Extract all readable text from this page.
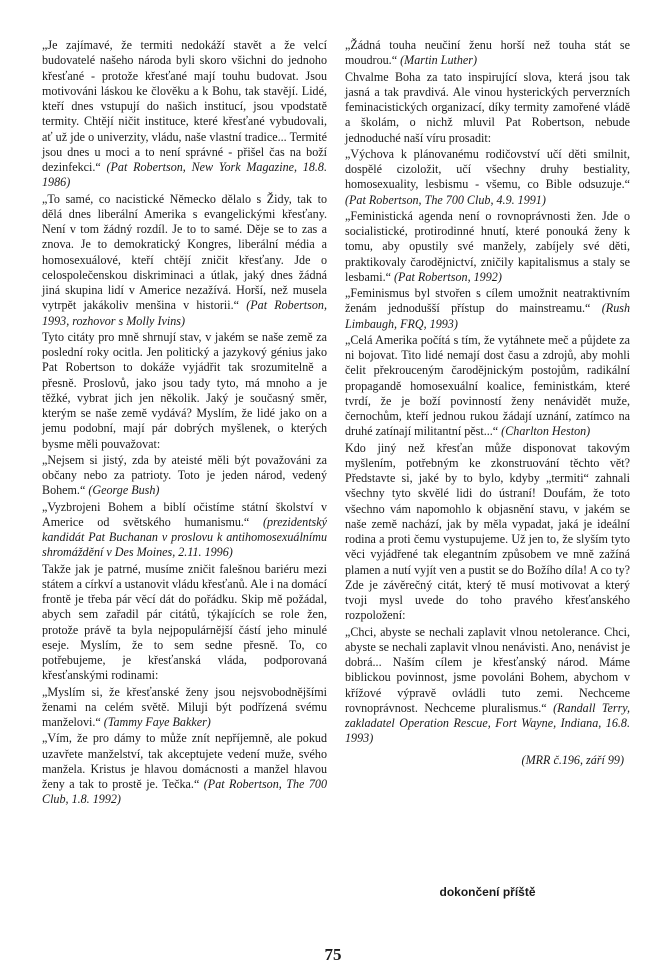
„Je zajímavé, že termiti nedokáží stavět a že velcí budovatelé našeho národa byli skoro všichni do jednoho křesťané - protože křesťané mají touhu budovat. Jsou motivováni láskou ke člověku a k Bohu, tak stavějí. Lidé, kteří dnes vstupují do našich institucí, jsou vpodstatě termity. Chtějí ničit instituce, které křesťané vybudovali, ať už jde o univerzity, vládu, naše vlastní tradice... Termité jsou dnes u moci a to není správné - přišel čas na boží dezinfekci.“ (Pat Robertson, New York Magazine, 18.8. 1986)

„To samé, co nacistické Německo dělalo s Židy, tak to dělá dnes liberální Amerika s evangelickými křesťany. Není v tom žádný rozdíl. Je to to samé. Děje se to zas a znova. Je to demokratický Kongres, liberální média a homosexuálové, kteří chtějí zničit křesťany. Jde o celospolečenskou diskriminaci a útlak, jaký dnes žádná jiná skupina lidí v Americe nezažívá. Horší, než musela vytrpět jakákoliv menšina v historii.“ (Pat Robertson, 1993, rozhovor s Molly Ivins)

Tyto citáty pro mně shrnují stav, v jakém se naše země za poslední roky ocitla. Jen politický a jazykový génius jako Pat Robertson to dokáže vyjádřit tak srozumitelně a přesně. Proslovů, jako jsou tady tyto, má mnoho a je těžké, vybrat jich jen několik. Jaký je současný směr, kterým se naše země vydává? Myslím, že lidé jako on a jemu podobní, mají pár dobrých myšlenek, o kterých bysme měli pouvažovat:

„Nejsem si jistý, zda by ateisté měli být považováni za občany nebo za patrioty. Toto je jeden národ, vedený Bohem.“ (George Bush)

„Vyzbrojeni Bohem a biblí očistíme státní školství v Americe od světského humanismu.“ (prezidentský kandidát Pat Buchanan v proslovu k antihomosexuálnímu shromáždění v Des Moines, 2.11. 1996)

Takže jak je patrné, musíme zničit falešnou bariéru mezi státem a církví a ustanovit vládu křesťanů. Ale i na domácí frontě je třeba pár věcí dát do pořádku. Skip mě požádal, abych sem zařadil pár citátů, týkajících se role žen, protože právě ta byla nejpopulárnější částí jeho minulé eseje. Myslím, že to sem sedne přesně. To, co potřebujeme, je křesťanská vláda, podporovaná křesťanskými rodinami:

„Myslím si, že křesťanské ženy jsou nejsvobodnějšími ženami na celém světě. Miluji být podřízená svému manželovi.“ (Tammy Faye Bakker)

„Vím, že pro dámy to může znít nepříjemně, ale pokud uzavřete manželství, tak akceptujete vedení muže, svého manžela. Kristus je hlavou domácnosti a manžel hlavou ženy a tak to prostě je. Tečka.“ (Pat Robertson, The 700 Club, 1.8. 1992)

„Žádná touha neučiní ženu horší než touha stát se moudrou.“ (Martin Luther)

Chvalme Boha za tato inspirující slova, která jsou tak jasná a tak pravdivá. Ale vinou hysterických perverzních feminacistických organizací, díky termity zamořené vládě a školám, o nichž mluvil Pat Robertson, nebude jednoduché naší víru prosadit:

„Výchova k plánovanému rodičovství učí děti smilnit, dospělé cizoložit, učí všechny druhy bestiality, homosexuality, lesbismu - všemu, co Bible odsuzuje.“ (Pat Robertson, The 700 Club, 4.9. 1991)

„Feministická agenda není o rovnoprávnosti žen. Jde o socialistické, protirodinné hnutí, které ponouká ženy k tomu, aby opustily své manžely, zabíjely své děti, praktikovaly čarodějnictví, zničily kapitalismus a staly se lesbami.“ (Pat Robertson, 1992)

„Feminismus byl stvořen s cílem umožnit neatraktivním ženám jednodušší přístup do mainstreamu.“ (Rush Limbaugh, FRQ, 1993)

„Celá Amerika počítá s tím, že vytáhnete meč a půjdete za ni bojovat. Tito lidé nemají dost času a zdrojů, aby mohli čelit překrouceným čarodějnickým postojům, radikální propagandě homosexuální koalice, feministkám, které tvrdí, že je boží povinností ženy nenávidět muže, černochům, kteří jednou rukou žádají uznání, zatímco na druhé zatínají militantní pěst...“ (Charlton Heston)

Kdo jiný než křesťan může disponovat takovým myšlením, potřebným ke zkonstruování těchto vět? Představte si, jaké by to bylo, kdyby „termiti“ zahnali všechny tyto skvělé lidi do ústraní! Doufám, že toto všechno vám napomohlo k objasnění stavu, v jakém se naše země nachází, jak by měla vypadat, jaká je ideální rodina a proti čemu vystupujeme. Už jen to, že slyším tyto věci vyjádřené tak elegantním způsobem ve mně zažíná plamen a nutí vyjít ven a pustit se do Božího díla! A co ty? Zde je závěrečný citát, který tě musí motivovat a který tvoji mysl uvede do toho pravého křesťanského rozpoložení:

„Chci, abyste se nechali zaplavit vlnou netolerance. Chci, abyste se nechali zaplavit vlnou nenávisti. Ano, nenávist je dobrá... Naším cílem je křesťanský národ. Máme biblickou povinnost, jsme povoláni Bohem, abychom v křížové výpravě ovládli tuto zemi. Nechceme rovnoprávnost. Nechceme pluralismus.“ (Randall Terry, zakladatel Operation Rescue, Fort Wayne, Indiana, 16.8. 1993)

(MRR č.196, září 99)
dokončení příště
75
